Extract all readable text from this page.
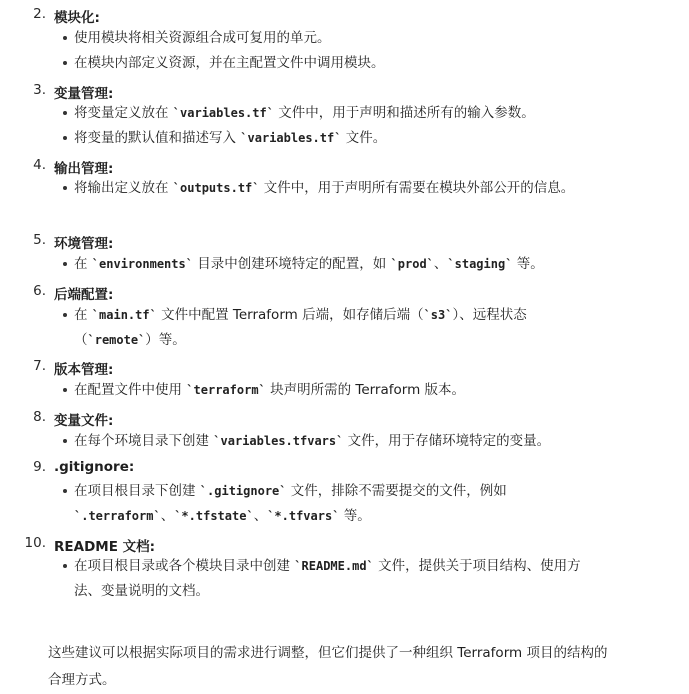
2. 模块化:
使用模块将相关资源组合成可复用的单元。
在模块内部定义资源，并在主配置文件中调用模块。
3. 变量管理:
将变量定义放在 `variables.tf` 文件中，用于声明和描述所有的输入参数。
将变量的默认值和描述写入 `variables.tf` 文件。
4. 输出管理:
将输出定义放在 `outputs.tf` 文件中，用于声明所有需要在模块外部公开的信息。
5. 环境管理:
在 `environments` 目录中创建环境特定的配置，如 `prod`、`staging` 等。
6. 后端配置:
在 `main.tf` 文件中配置 Terraform 后端，如存储后端（`s3`）、远程状态（`remote`）等。
7. 版本管理:
在配置文件中使用 `terraform` 块声明所需的 Terraform 版本。
8. 变量文件:
在每个环境目录下创建 `variables.tfvars` 文件，用于存储环境特定的变量。
9. .gitignore:
在项目根目录下创建 `.gitignore` 文件，排除不需要提交的文件，例如 `.terraform`、`*.tfstate`、`*.tfvars` 等。
10. README 文档:
在项目根目录或各个模块目录中创建 `README.md` 文件，提供关于项目结构、使用方法、变量说明的文档。

这些建议可以根据实际项目的需求进行调整，但它们提供了一种组织 Terraform 项目的结构的合理方式。
